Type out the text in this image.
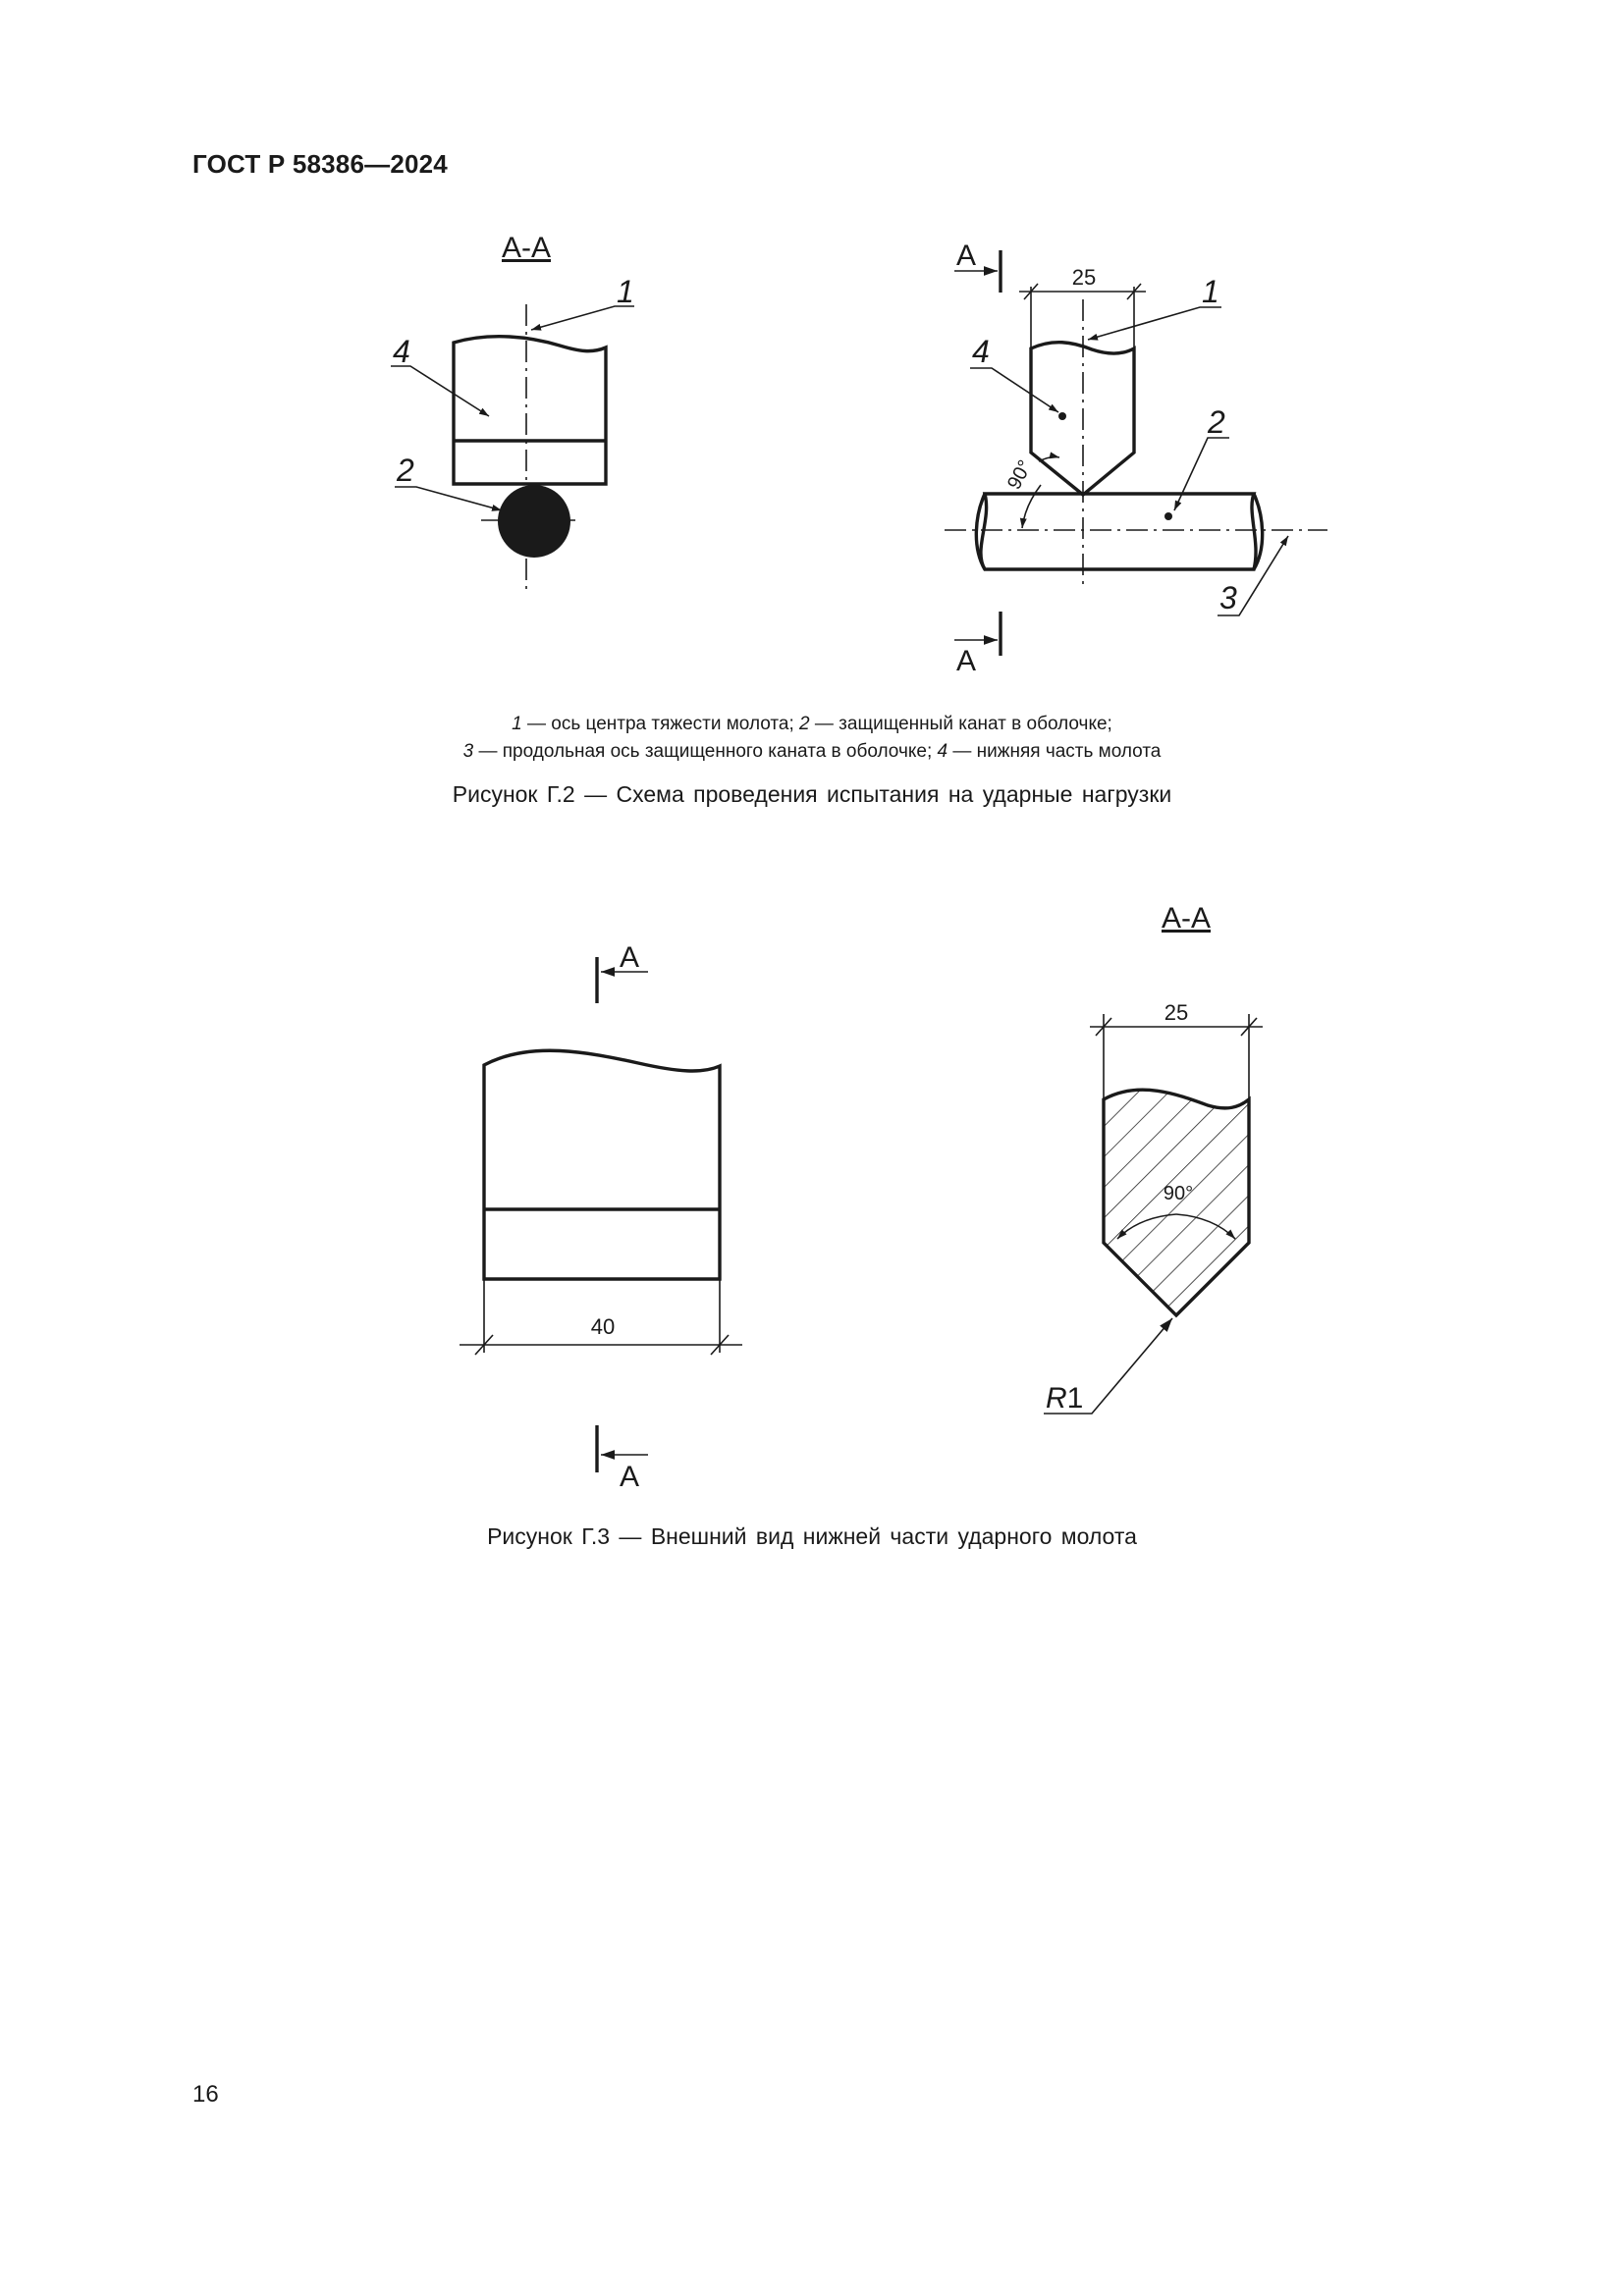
ГОСТ Р 58386—2024
А-А
1
4
2
А
А
25
90°
1
4
2
3
А
40
А
А-А
25
90°
R1
1 — ось центра тяжести молота; 2 — защищенный канат в оболочке;
3 — продольная ось защищенного каната в оболочке; 4 — нижняя часть молота
Рисунок Г.2 — Схема проведения испытания на ударные нагрузки
Рисунок Г.3 — Внешний вид нижней части ударного молота
16
